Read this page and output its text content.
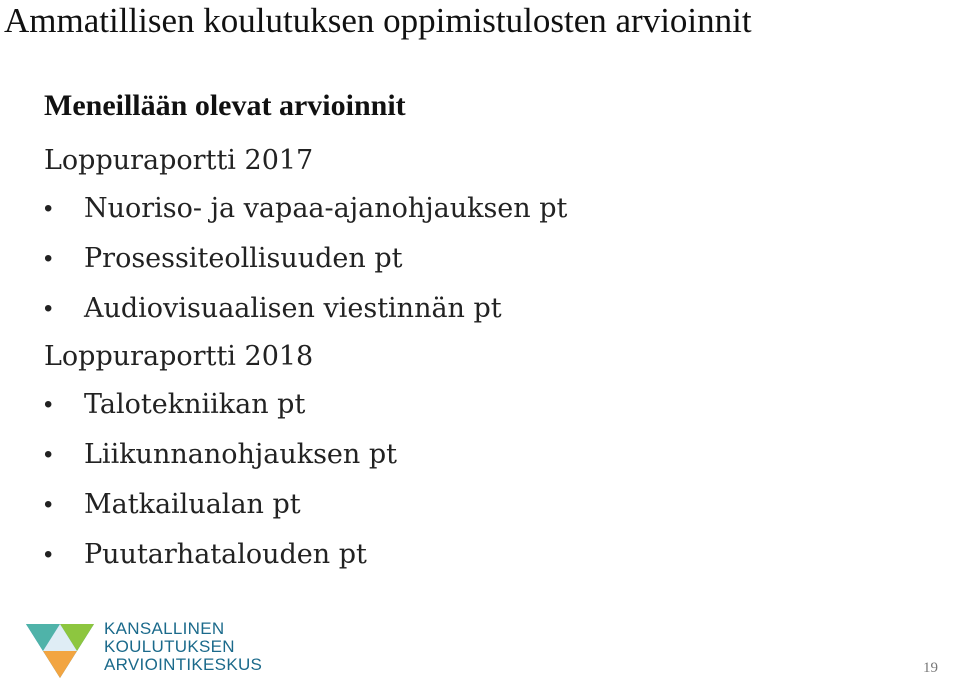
Ammatillisen koulutuksen oppimistulosten arvioinnit
Meneillään olevat arvioinnit

Loppuraportti 2017

• Nuoriso- ja vapaa-ajanohjauksen pt
• Prosessiteollisuuden pt
• Audiovisuaalisen viestinnän pt

Loppuraportti 2018

• Talotekniikan pt
• Liikunnanohjauksen pt
• Matkailualan pt
• Puutarhatalouden pt
KANSALLINEN
KOULUTUKSEN
ARVIOINTIKESKUS	19
